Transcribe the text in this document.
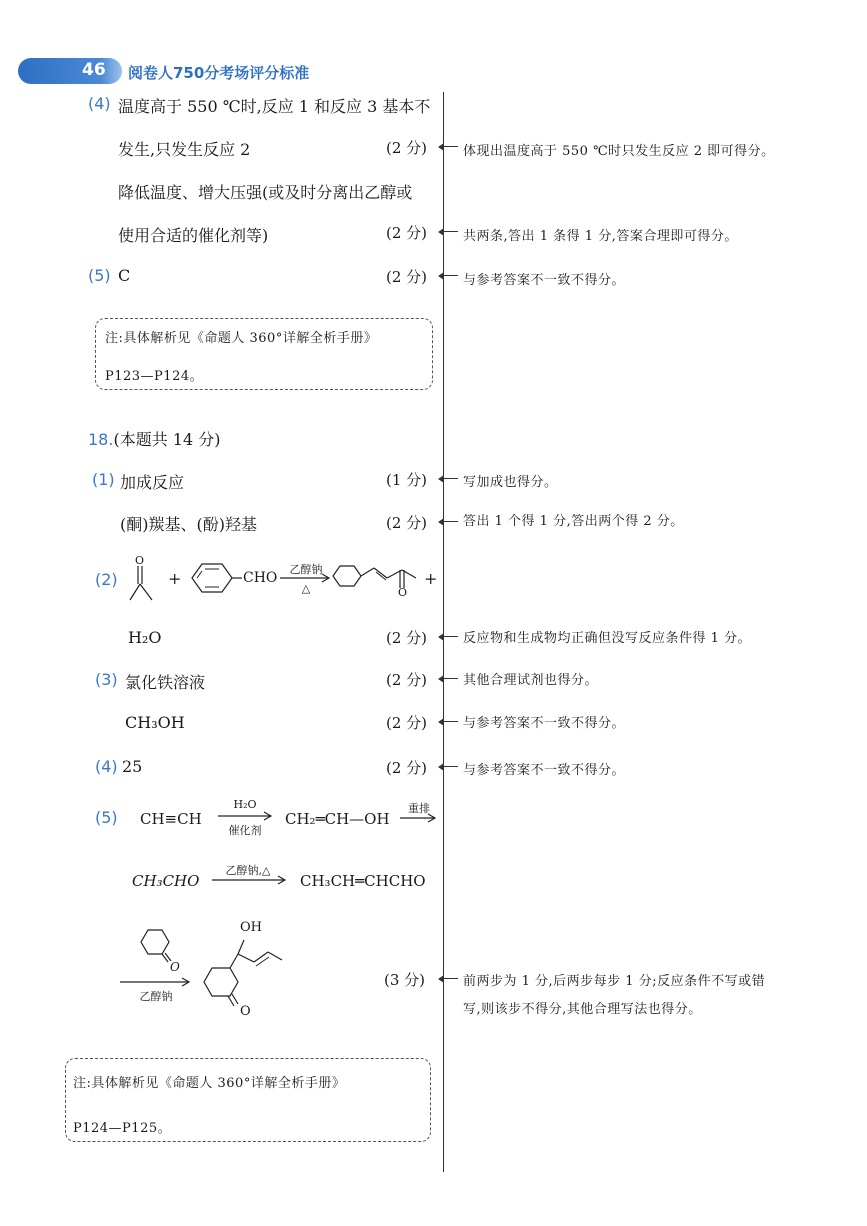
46 阅卷人750分考场评分标准
(4) 温度高于 550 ℃时,反应 1 和反应 3 基本不
发生,只发生反应 2	(2 分)	体现出温度高于 550 ℃时只发生反应 2 即可得分。
降低温度、增大压强(或及时分离出乙醇或
使用合适的催化剂等)	(2 分)	共两条,答出 1 条得 1 分,答案合理即可得分。
(5) C	(2 分)	与参考答案不一致不得分。
注:具体解析见《命题人 360°详解全析手册》
P123—P124。
18.(本题共 14 分)
(1) 加成反应	(1 分)	写加成也得分。
(酮)羰基、(酚)羟基	(2 分)	答出 1 个得 1 分,答出两个得 2 分。
(2)
O
+	CHO
乙醇钠
△	O
+
H₂O	(2 分)	反应物和生成物均正确但没写反应条件得 1 分。
(3) 氯化铁溶液	(2 分)	其他合理试剂也得分。
CH₃OH	(2 分)	与参考答案不一致不得分。
(4) 25	(2 分)	与参考答案不一致不得分。
(5) CH≡CH
H₂O
催化剂
CH₂═CH—OH
重排
CH₃CHO
乙醇钠,△
CH₃CH═CHCHO
O
乙醇钠
OH
O
(3 分)	前两步为 1 分,后两步每步 1 分;反应条件不写或错
写,则该步不得分,其他合理写法也得分。
注:具体解析见《命题人 360°详解全析手册》
P124—P125。
